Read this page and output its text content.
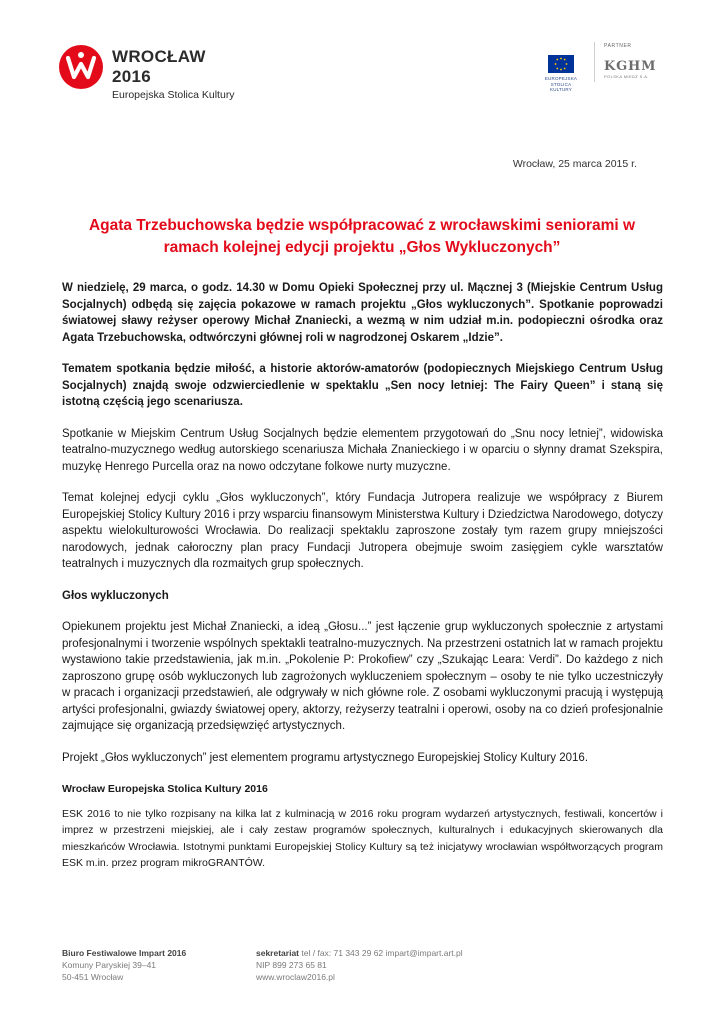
WROCŁAW 2016
Europejska Stolica Kultury
EUROPEJSKA
STOLICA KULTURY
PARTNER
KGHM
POLSKA MIEDŹ S.A.
Wrocław, 25 marca 2015 r.
Agata Trzebuchowska będzie współpracować z wrocławskimi seniorami w ramach kolejnej edycji projektu „Głos Wykluczonych”

W niedzielę, 29 marca, o godz. 14.30 w Domu Opieki Społecznej przy ul. Mącznej 3 (Miejskie Centrum Usług Socjalnych) odbędą się zajęcia pokazowe w ramach projektu „Głos wykluczonych”. Spotkanie poprowadzi światowej sławy reżyser operowy Michał Znaniecki, a wezmą w nim udział m.in. podopieczni ośrodka oraz Agata Trzebuchowska, odtwórczyni głównej roli w nagrodzonej Oskarem „Idzie”.

Tematem spotkania będzie miłość, a historie aktorów-amatorów (podopiecznych Miejskiego Centrum Usług Socjalnych) znajdą swoje odzwierciedlenie w spektaklu „Sen nocy letniej: The Fairy Queen” i staną się istotną częścią jego scenariusza.

Spotkanie w Miejskim Centrum Usług Socjalnych będzie elementem przygotowań do „Snu nocy letniej”, widowiska teatralno-muzycznego według autorskiego scenariusza Michała Znanieckiego i w oparciu o słynny dramat Szekspira, muzykę Henrego Purcella oraz na nowo odczytane folkowe nurty muzyczne.

Temat kolejnej edycji cyklu „Głos wykluczonych”, który Fundacja Jutropera realizuje we współpracy z Biurem Europejskiej Stolicy Kultury 2016 i przy wsparciu finansowym Ministerstwa Kultury i Dziedzictwa Narodowego, dotyczy aspektu wielokulturowości Wrocławia. Do realizacji spektaklu zaproszone zostały tym razem grupy mniejszości narodowych, jednak całoroczny plan pracy Fundacji Jutropera obejmuje swoim zasięgiem cykle warsztatów teatralnych i muzycznych dla rozmaitych grup społecznych.

Głos wykluczonych

Opiekunem projektu jest Michał Znaniecki, a ideą „Głosu...” jest łączenie grup wykluczonych społecznie z artystami profesjonalnymi i tworzenie wspólnych spektakli teatralno-muzycznych. Na przestrzeni ostatnich lat w ramach projektu wystawiono takie przedstawienia, jak m.in. „Pokolenie P: Prokofiew” czy „Szukając Leara: Verdi”. Do każdego z nich zaproszono grupę osób wykluczonych lub zagrożonych wykluczeniem społecznym – osoby te nie tylko uczestniczyły w pracach i organizacji przedstawień, ale odgrywały w nich główne role. Z osobami wykluczonymi pracują i występują artyści profesjonalni, gwiazdy światowej opery, aktorzy, reżyserzy teatralni i operowi, osoby na co dzień profesjonalnie zajmujące się organizacją przedsięwzięć artystycznych.

Projekt „Głos wykluczonych” jest elementem programu artystycznego Europejskiej Stolicy Kultury 2016.

Wrocław Europejska Stolica Kultury 2016

ESK 2016 to nie tylko rozpisany na kilka lat z kulminacją w 2016 roku program wydarzeń artystycznych, festiwali, koncertów i imprez w przestrzeni miejskiej, ale i cały zestaw programów społecznych, kulturalnych i edukacyjnych skierowanych dla mieszkańców Wrocławia. Istotnymi punktami Europejskiej Stolicy Kultury są też inicjatywy wrocławian współtworzących program ESK m.in. przez program mikroGRANTÓW.

Biuro Festiwalowe Impart 2016
Komuny Paryskiej 39–41
50-451 Wrocław
sekretariat tel / fax: 71 343 29 62 impart@impart.art.pl
NIP 899 273 65 81
www.wroclaw2016.pl
